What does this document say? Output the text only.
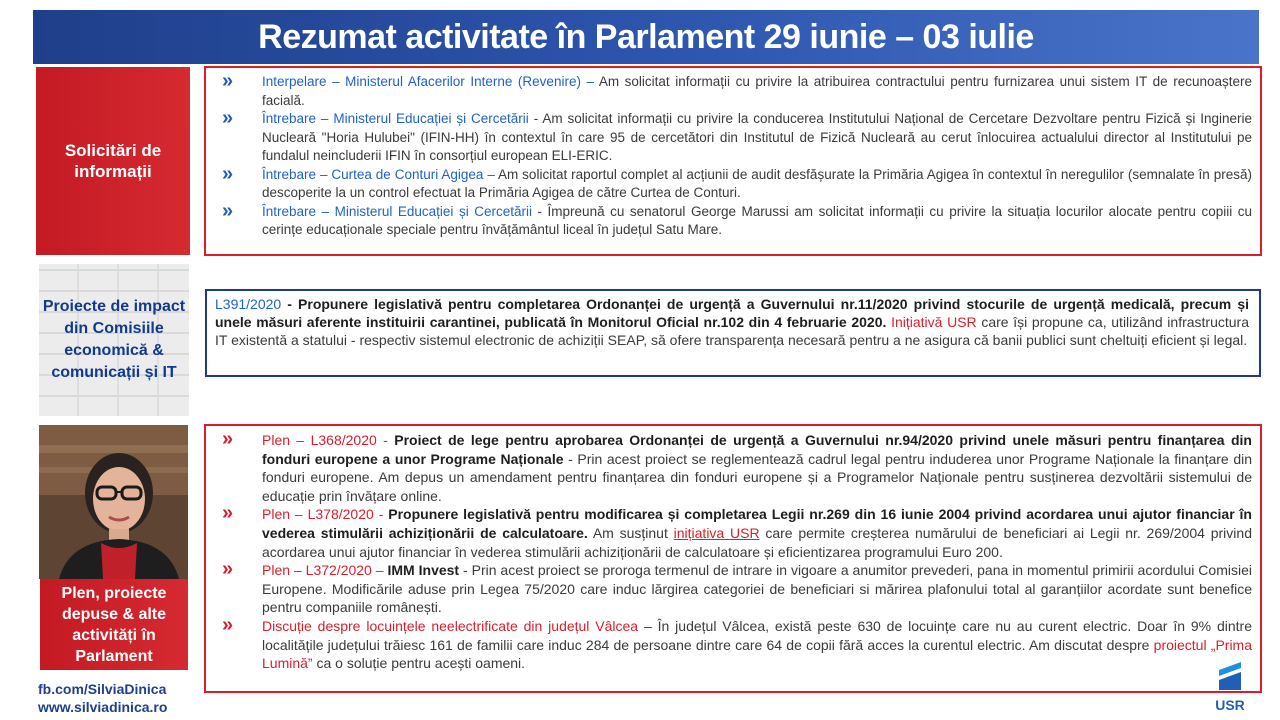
Rezumat activitate în Parlament 29 iunie – 03 iulie
Solicitări de informații
»	Interpelare – Ministerul Afacerilor Interne (Revenire) – Am solicitat informații cu privire la atribuirea contractului pentru furnizarea unui sistem IT de recunoaștere facială.
»	Întrebare – Ministerul Educației și Cercetării - Am solicitat informații cu privire la conducerea Institutului Național de Cercetare Dezvoltare pentru Fizică și Inginerie Nucleară "Horia Hulubei" (IFIN-HH) în contextul în care 95 de cercetători din Institutul de Fizică Nucleară au cerut înlocuirea actualului director al Institutului pe fundalul neincluderii IFIN în consorțiul european ELI-ERIC.
»	Întrebare – Curtea de Conturi Agigea – Am solicitat raportul complet al acțiunii de audit desfășurate la Primăria Agigea în contextul în neregulilor (semnalate în presă) descoperite la un control efectuat la Primăria Agigea de către Curtea de Conturi.
»	Întrebare – Ministerul Educației și Cercetării - Împreună cu senatorul George Marussi am solicitat informații cu privire la situația locurilor alocate pentru copiii cu cerințe educaționale speciale pentru învățământul liceal în județul Satu Mare.
Proiecte de impact din Comisiile economică & comunicații și IT
L391/2020 - Propunere legislativă pentru completarea Ordonanței de urgență a Guvernului nr.11/2020 privind stocurile de urgență medicală, precum și unele măsuri aferente instituirii carantinei, publicată în Monitorul Oficial nr.102 din 4 februarie 2020. Inițiativă USR care își propune ca, utilizând infrastructura IT existentă a statului - respectiv sistemul electronic de achiziții SEAP, să ofere transparența necesară pentru a ne asigura că banii publici sunt cheltuiți eficient și legal.
Plen, proiecte depuse & alte activități în Parlament
»	Plen – L368/2020 - Proiect de lege pentru aprobarea Ordonanței de urgență a Guvernului nr.94/2020 privind unele măsuri pentru finanțarea din fonduri europene a unor Programe Naționale - Prin acest proiect se reglementează cadrul legal pentru induderea unor Programe Naționale la finanțare din fonduri europene. Am depus un amendament pentru finanțarea din fonduri europene și a Programelor Naționale pentru susținerea dezvoltării sistemului de educație prin învățare online.
»	Plen – L378/2020 - Propunere legislativă pentru modificarea și completarea Legii nr.269 din 16 iunie 2004 privind acordarea unui ajutor financiar în vederea stimulării achiziționării de calculatoare. Am susținut inițiativa USR care permite creșterea numărului de beneficiari ai Legii nr. 269/2004 privind acordarea unui ajutor financiar în vederea stimulării achiziționării de calculatoare și eficientizarea programului Euro 200.
»	Plen – L372/2020 – IMM Invest - Prin acest proiect se proroga termenul de intrare in vigoare a anumitor prevederi, pana in momentul primirii acordului Comisiei Europene. Modificările aduse prin Legea 75/2020 care induc lărgirea categoriei de beneficiari si mărirea plafonului total al garanțiilor acordate sunt benefice pentru companiile românești.
»	Discuție despre locuințele neelectrificate din județul Vâlcea – În județul Vâlcea, există peste 630 de locuințe care nu au curent electric. Doar în 9% dintre localitățile județului trăiesc 161 de familii care induc 284 de persoane dintre care 64 de copii fără acces la curentul electric. Am discutat despre proiectul „Prima Lumină” ca o soluție pentru acești oameni.
fb.com/SilviaDinica
www.silviadinica.ro	USR
